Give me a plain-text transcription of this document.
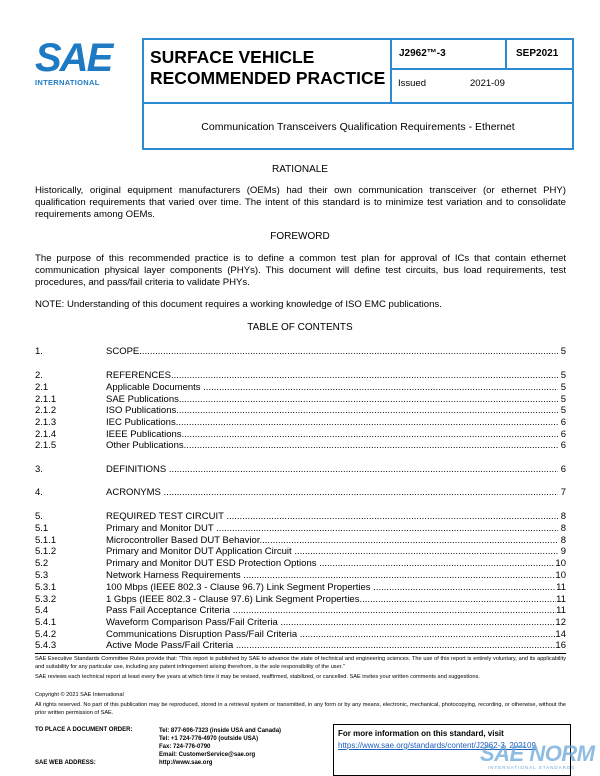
SAE
INTERNATIONAL
SURFACE VEHICLE
RECOMMENDED PRACTICE
J2962™-3	SEP2021
Issued	2021-09
Communication Transceivers Qualification Requirements - Ethernet
RATIONALE
Historically, original equipment manufacturers (OEMs) had their own communication transceiver (or ethernet PHY) qualification requirements that varied over time. The intent of this standard is to minimize test variation and to consolidate requirements among OEMs.
FOREWORD
The purpose of this recommended practice is to define a common test plan for approval of ICs that contain ethernet communication physical layer components (PHYs). This document will define test circuits, bus load requirements, test procedures, and pass/fail criteria to validate PHYs.
NOTE: Understanding of this document requires a working knowledge of ISO EMC publications.
TABLE OF CONTENTS
1.	SCOPE .....	5
2.	REFERENCES .....	5
2.1	Applicable Documents .....	5
2.1.1	SAE Publications .....	5
2.1.2	ISO Publications .....	5
2.1.3	IEC Publications .....	6
2.1.4	IEEE Publications .....	6
2.1.5	Other Publications .....	6
3.	DEFINITIONS .....	6
4.	ACRONYMS .....	7
5.	REQUIRED TEST CIRCUIT .....	8
5.1	Primary and Monitor DUT .....	8
5.1.1	Microcontroller Based DUT Behavior .....	8
5.1.2	Primary and Monitor DUT Application Circuit .....	9
5.2	Primary and Monitor DUT ESD Protection Options .....	10
5.3	Network Harness Requirements .....	10
5.3.1	100 Mbps (IEEE 802.3 - Clause 96.7) Link Segment Properties .....	11
5.3.2	1 Gbps (IEEE 802.3 - Clause 97.6) Link Segment Properties .....	11
5.4	Pass Fail Acceptance Criteria .....	11
5.4.1	Waveform Comparison Pass/Fail Criteria .....	12
5.4.2	Communications Disruption Pass/Fail Criteria .....	14
5.4.3	Active Mode Pass/Fail Criteria .....	16
SAE Executive Standards Committee Rules provide that: "This report is published by SAE to advance the state of technical and engineering sciences. The use of this report is entirely voluntary, and its applicability and suitability for any particular use, including any patent infringement arising therefrom, is the sole responsibility of the user."
SAE reviews each technical report at least every five years at which time it may be revised, reaffirmed, stabilized, or cancelled. SAE invites your written comments and suggestions.
Copyright © 2021 SAE International
All rights reserved. No part of this publication may be reproduced, stored in a retrieval system or transmitted, in any form or by any means, electronic, mechanical, photocopying, recording, or otherwise, without the prior written permission of SAE.
TO PLACE A DOCUMENT ORDER:	Tel: 877-606-7323 (inside USA and Canada)
Tel: +1 724-776-4970 (outside USA)
Fax: 724-776-0790
Email: CustomerService@sae.org
SAE WEB ADDRESS:	http://www.sae.org
For more information on this standard, visit
https://www.sae.org/standards/content/J2962-3_202109
SAE NORM
INTERNATIONAL STANDARDS
